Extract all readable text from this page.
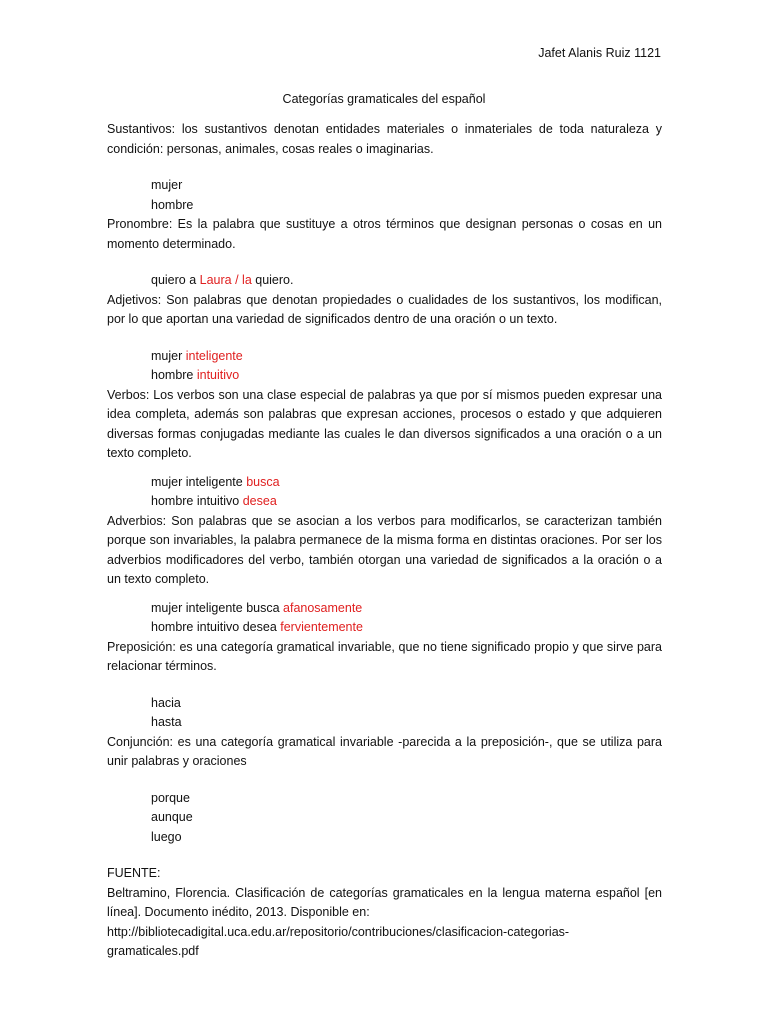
Jafet Alanis Ruiz 1121
Categorías gramaticales del español

Sustantivos: los sustantivos denotan entidades materiales o inmateriales de toda naturaleza y condición: personas, animales, cosas reales o imaginarias.

mujer

hombre

Pronombre: Es la palabra que sustituye a otros términos que designan personas o cosas en un momento determinado.

quiero a Laura / la quiero.

Adjetivos: Son palabras que denotan propiedades o cualidades de los sustantivos, los modifican, por lo que aportan una variedad de significados dentro de una oración o un texto.

mujer inteligente

hombre intuitivo

Verbos: Los verbos son una clase especial de palabras ya que por sí mismos pueden expresar una idea completa, además son palabras que expresan acciones, procesos o estado y que adquieren diversas formas conjugadas mediante las cuales le dan diversos significados a una oración o a un texto completo.

mujer inteligente busca

hombre intuitivo desea

Adverbios: Son palabras que se asocian a los verbos para modificarlos, se caracterizan también porque son invariables, la palabra permanece de la misma forma en distintas oraciones. Por ser los adverbios modificadores del verbo, también otorgan una variedad de significados a la oración o a un texto completo.

mujer inteligente busca afanosamente

hombre intuitivo desea fervientemente

Preposición: es una categoría gramatical invariable, que no tiene significado propio y que sirve para relacionar términos.

hacia

hasta

Conjunción: es una categoría gramatical invariable -parecida a la preposición-, que se utiliza para unir palabras y oraciones

porque

aunque

luego

FUENTE:

Beltramino, Florencia. Clasificación de categorías gramaticales en la lengua materna español [en línea]. Documento inédito, 2013. Disponible en:

http://bibliotecadigital.uca.edu.ar/repositorio/contribuciones/clasificacion-categorias-
gramaticales.pdf
